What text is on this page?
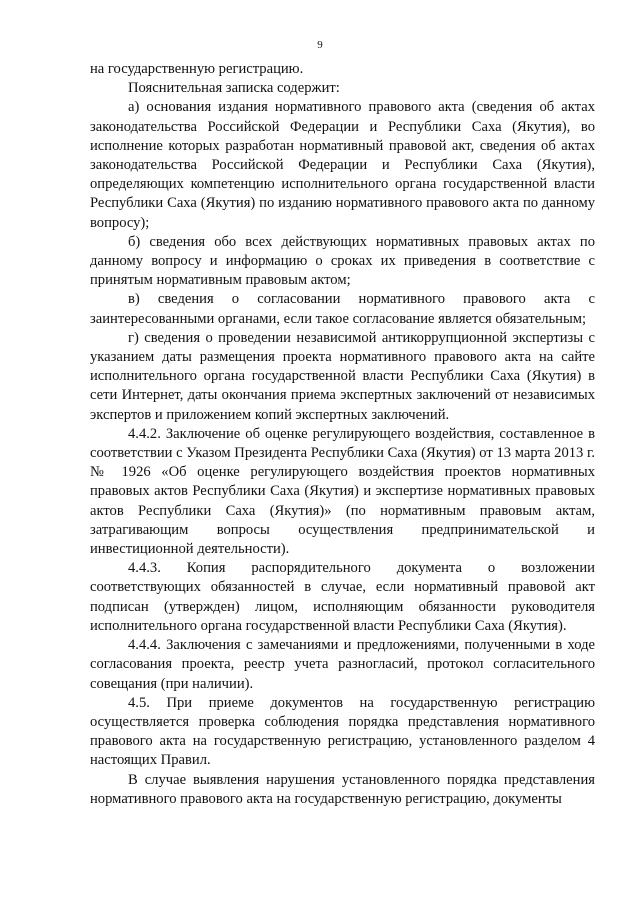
9

на государственную регистрацию.

Пояснительная записка содержит:

а) основания издания нормативного правового акта (сведения об актах законодательства Российской Федерации и Республики Саха (Якутия), во исполнение которых разработан нормативный правовой акт, сведения об актах законодательства Российской Федерации и Республики Саха (Якутия), определяющих компетенцию исполнительного органа государственной власти Республики Саха (Якутия) по изданию нормативного правового акта по данному вопросу);

б) сведения обо всех действующих нормативных правовых актах по данному вопросу и информацию о сроках их приведения в соответствие с принятым нормативным правовым актом;

в) сведения о согласовании нормативного правового акта с заинтересованными органами, если такое согласование является обязательным;

г) сведения о проведении независимой антикоррупционной экспертизы с указанием даты размещения проекта нормативного правового акта на сайте исполнительного органа государственной власти Республики Саха (Якутия) в сети Интернет, даты окончания приема экспертных заключений от независимых экспертов и приложением копий экспертных заключений.

4.4.2. Заключение об оценке регулирующего воздействия, составленное в соответствии с Указом Президента Республики Саха (Якутия) от 13 марта 2013 г. № 1926 «Об оценке регулирующего воздействия проектов нормативных правовых актов Республики Саха (Якутия) и экспертизе нормативных правовых актов Республики Саха (Якутия)» (по нормативным правовым актам, затрагивающим вопросы осуществления предпринимательской и инвестиционной деятельности).

4.4.3. Копия распорядительного документа о возложении соответствующих обязанностей в случае, если нормативный правовой акт подписан (утвержден) лицом, исполняющим обязанности руководителя исполнительного органа государственной власти Республики Саха (Якутия).

4.4.4. Заключения с замечаниями и предложениями, полученными в ходе согласования проекта, реестр учета разногласий, протокол согласительного совещания (при наличии).

4.5. При приеме документов на государственную регистрацию осуществляется проверка соблюдения порядка представления нормативного правового акта на государственную регистрацию, установленного разделом 4 настоящих Правил.

В случае выявления нарушения установленного порядка представления нормативного правового акта на государственную регистрацию, документы
